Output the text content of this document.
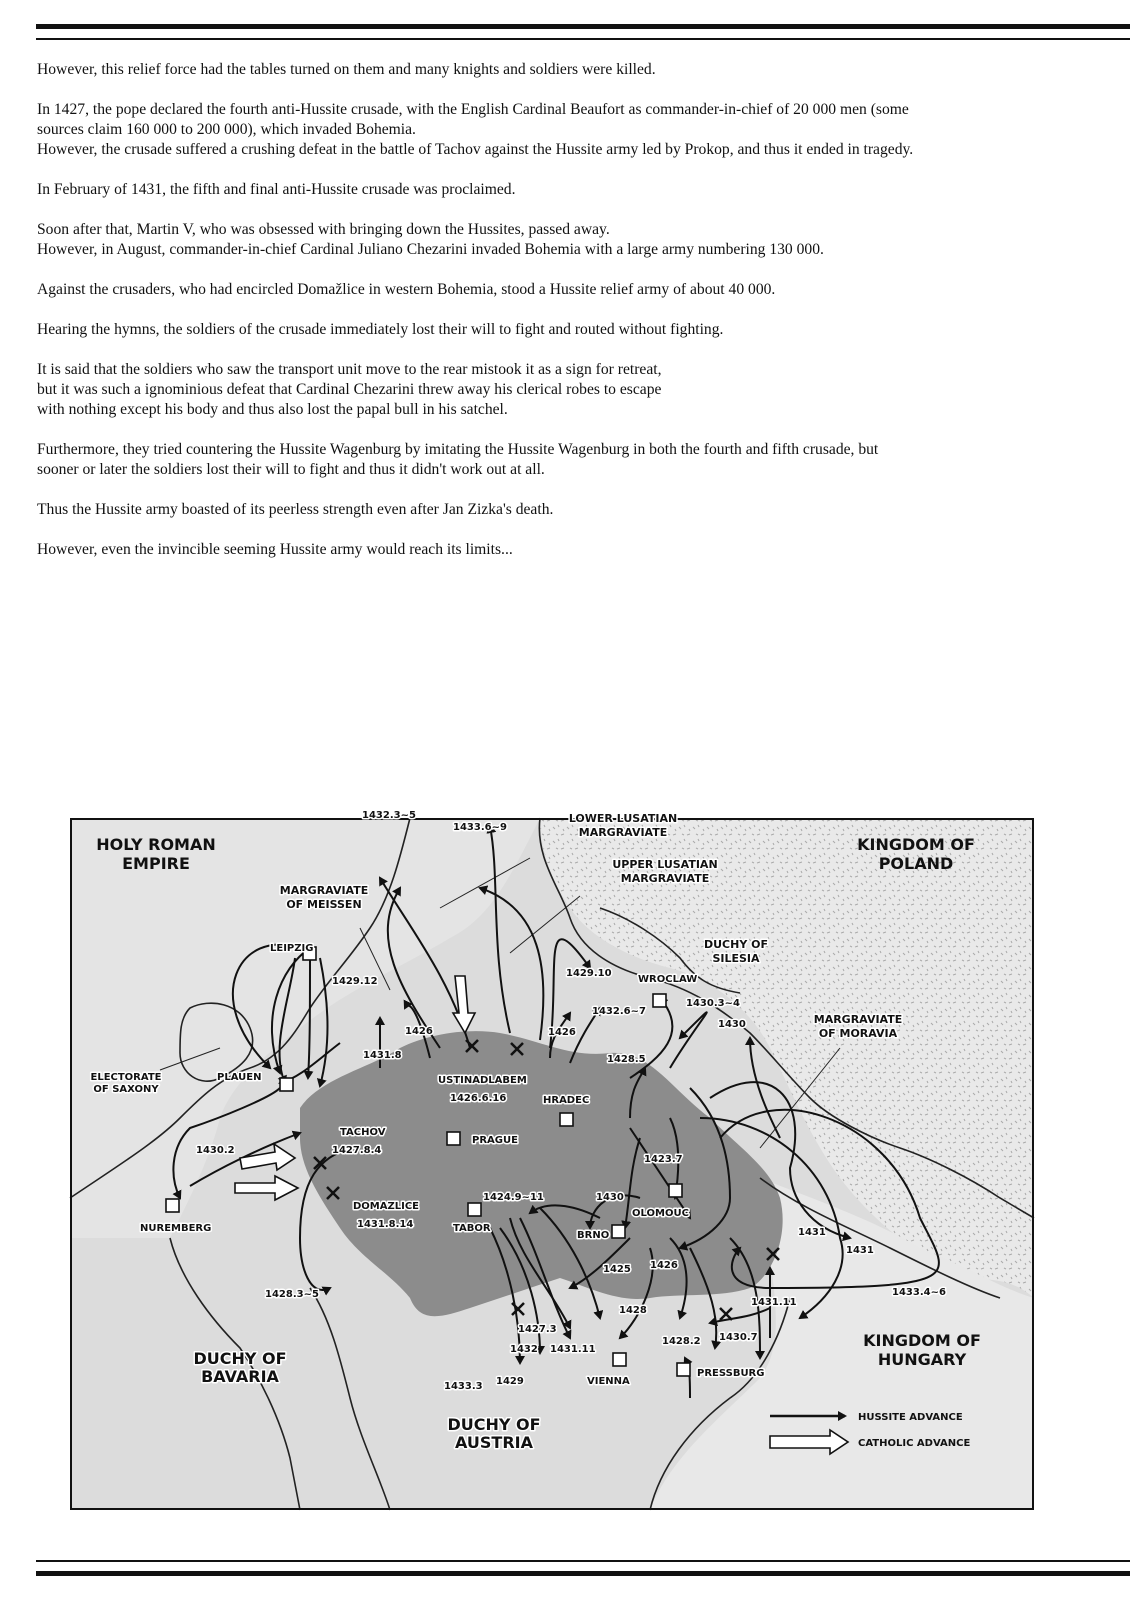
However, this relief force had the tables turned on them and many knights and soldiers were killed.

In 1427, the pope declared the fourth anti-Hussite crusade, with the English Cardinal Beaufort as commander-in-chief of 20 000 men (some
sources claim 160 000 to 200 000), which invaded Bohemia.
However, the crusade suffered a crushing defeat in the battle of Tachov against the Hussite army led by Prokop, and thus it ended in tragedy.

In February of 1431, the fifth and final anti-Hussite crusade was proclaimed.

Soon after that, Martin V, who was obsessed with bringing down the Hussites, passed away.
However, in August, commander-in-chief Cardinal Juliano Chezarini invaded Bohemia with a large army numbering 130 000.

Against the crusaders, who had encircled Domažlice in western Bohemia, stood a Hussite relief army of about 40 000.

Hearing the hymns, the soldiers of the crusade immediately lost their will to fight and routed without fighting.

It is said that the soldiers who saw the transport unit move to the rear mistook it as a sign for retreat,
but it was such a ignominious defeat that Cardinal Chezarini threw away his clerical robes to escape
with nothing except his body and thus also lost the papal bull in his satchel.

Furthermore, they tried countering the Hussite Wagenburg by imitating the Hussite Wagenburg in both the fourth and fifth crusade, but
sooner or later the soldiers lost their will to fight and thus it didn't work out at all.

Thus the Hussite army boasted of its peerless strength even after Jan Zizka's death.

However, even the invincible seeming Hussite army would reach its limits...

HOLY ROMAN EMPIRE
KINGDOM OF POLAND
KINGDOM OF HUNGARY
DUCHY OF BAVARIA
DUCHY OF AUSTRIA
MARGRAVIATE OF MEISSEN
LOWER LUSATIAN MARGRAVIATE
UPPER LUSATIAN MARGRAVIATE
DUCHY OF SILESIA
MARGRAVIATE OF MORAVIA
ELECTORATE OF SAXONY
LEIPZIG
PLAUEN
NUREMBERG
PRAGUE
TABOR
HRADEC
WROCLAW
OLOMOUC
BRNO
VIENNA
PRESSBURG
USTINADLABEM
1426.6.16
TACHOV
1427.8.4
DOMAZLICE
1431.8.14
1432.3~5
1433.6~9
1429.10
1429.12
1426
1431.8
1426
1432.6~7
1428.5
1430.3~4
1430
1430.2
1423.7
1424.9~11	1430
1425 1426
1428
1431
1431
1431.11
1433.4~6
1428.3~5
1427.3
1432 1431.11
1429
1433.3
1428.2 1430.7
HUSSITE ADVANCE
CATHOLIC ADVANCE
